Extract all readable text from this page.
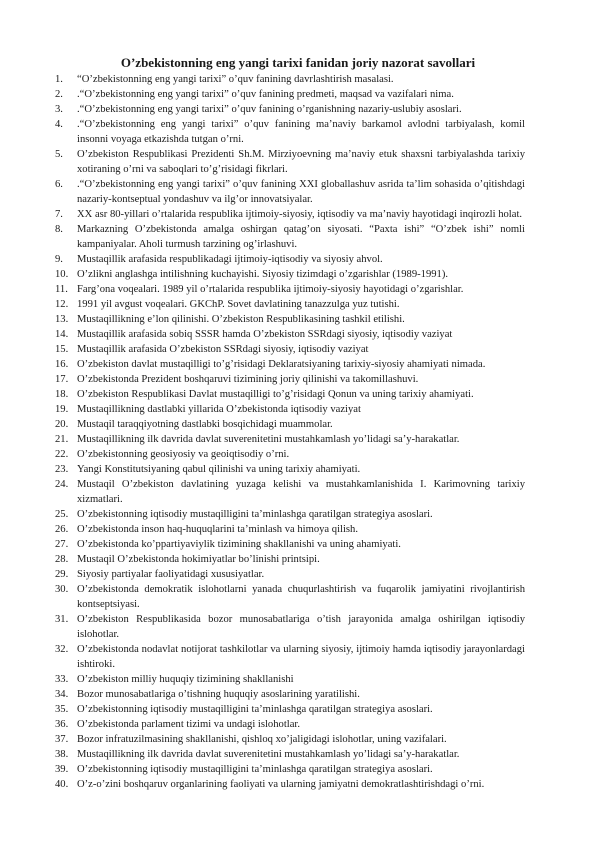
O’zbekistonning eng yangi tarixi fanidan joriy nazorat savollari
1. “O’zbekistonning eng yangi tarixi” o’quv fanining davrlashtirish masalasi.
2. .“O’zbekistonning eng yangi tarixi” o’quv fanining predmeti, maqsad va vazifalari nima.
3. .“O’zbekistonning eng yangi tarixi” o’quv fanining o’rganishning nazariy-uslubiy asoslari.
4. .“O’zbekistonning eng yangi tarixi” o’quv fanining ma’naviy barkamol avlodni tarbiyalash, komil insonni voyaga etkazishda tutgan o’rni.
5. O’zbekiston Respublikasi Prezidenti Sh.M. Mirziyoevning ma’naviy etuk shaxsni tarbiyalashda tarixiy xotiraning o’rni va saboqlari to’g’risidagi fikrlari.
6. .“O’zbekistonning eng yangi tarixi” o’quv fanining XXI globallashuv asrida ta’lim sohasida o’qitishdagi nazariy-kontseptual yondashuv va ilg’or innovatsiyalar.
7. XX asr 80-yillari o’rtalarida respublika ijtimoiy-siyosiy, iqtisodiy va ma’naviy hayotidagi inqirozli holat.
8. Markazning O’zbekistonda amalga oshirgan qatag’on siyosati. “Paxta ishi” “O’zbek ishi” nomli kampaniyalar. Aholi turmush tarzining og’irlashuvi.
9. Mustaqillik arafasida respublikadagi ijtimoiy-iqtisodiy va siyosiy ahvol.
10. O’zlikni anglashga intilishning kuchayishi. Siyosiy tizimdagi o’zgarishlar (1989-1991).
11. Farg’ona voqealari. 1989 yil o’rtalarida respublika ijtimoiy-siyosiy hayotidagi o’zgarishlar.
12. 1991 yil avgust voqealari. GKChP. Sovet davlatining tanazzulga yuz tutishi.
13. Mustaqillikning e’lon qilinishi. O’zbekiston Respublikasining tashkil etilishi.
14. Mustaqillik arafasida sobiq SSSR hamda O’zbekiston SSRdagi siyosiy, iqtisodiy vaziyat
15. Mustaqillik arafasida O’zbekiston SSRdagi siyosiy, iqtisodiy vaziyat
16. O’zbekiston davlat mustaqilligi to’g’risidagi Deklaratsiyaning tarixiy-siyosiy ahamiyati nimada.
17. O’zbekistonda Prezident boshqaruvi tizimining joriy qilinishi va takomillashuvi.
18. O’zbekiston Respublikasi Davlat mustaqilligi to’g’risidagi Qonun va uning tarixiy ahamiyati.
19. Mustaqillikning dastlabki yillarida O’zbekistonda iqtisodiy vaziyat
20. Mustaqil taraqqiyotning dastlabki bosqichidagi muammolar.
21. Mustaqillikning ilk davrida davlat suverenitetini mustahkamlash yo’lidagi sa’y-harakatlar.
22. O’zbekistonning geosiyosiy va geoiqtisodiy o’rni.
23. Yangi Konstitutsiyaning qabul qilinishi va uning tarixiy ahamiyati.
24. Mustaqil O’zbekiston davlatining yuzaga kelishi va mustahkamlanishida I. Karimovning tarixiy xizmatlari.
25. O’zbekistonning iqtisodiy mustaqilligini ta’minlashga qaratilgan strategiya asoslari.
26. O’zbekistonda inson haq-huquqlarini ta’minlash va himoya qilish.
27. O’zbekistonda ko’ppartiyaviylik tizimining shakllanishi va uning ahamiyati.
28. Mustaqil O’zbekistonda hokimiyatlar bo’linishi printsipi.
29. Siyosiy partiyalar faoliyatidagi xususiyatlar.
30. O’zbekistonda demokratik islohotlarni yanada chuqurlashtirish va fuqarolik jamiyatini rivojlantirish kontseptsiyasi.
31. O’zbekiston Respublikasida bozor munosabatlariga o’tish jarayonida amalga oshirilgan iqtisodiy islohotlar.
32. O’zbekistonda nodavlat notijorat tashkilotlar va ularning siyosiy, ijtimoiy hamda iqtisodiy jarayonlardagi ishtiroki.
33. O’zbekiston milliy huquqiy tizimining shakllanishi
34. Bozor munosabatlariga o’tishning huquqiy asoslarining yaratilishi.
35. O’zbekistonning iqtisodiy mustaqilligini ta’minlashga qaratilgan strategiya asoslari.
36. O’zbekistonda parlament tizimi va undagi islohotlar.
37. Bozor infratuzilmasining shakllanishi, qishloq xo’jaligidagi islohotlar, uning vazifalari.
38. Mustaqillikning ilk davrida davlat suverenitetini mustahkamlash yo’lidagi sa’y-harakatlar.
39. O’zbekistonning iqtisodiy mustaqilligini ta’minlashga qaratilgan strategiya asoslari.
40. O’z-o’zini boshqaruv organlarining faoliyati va ularning jamiyatni demokratlashtirishdagi o’rni.
